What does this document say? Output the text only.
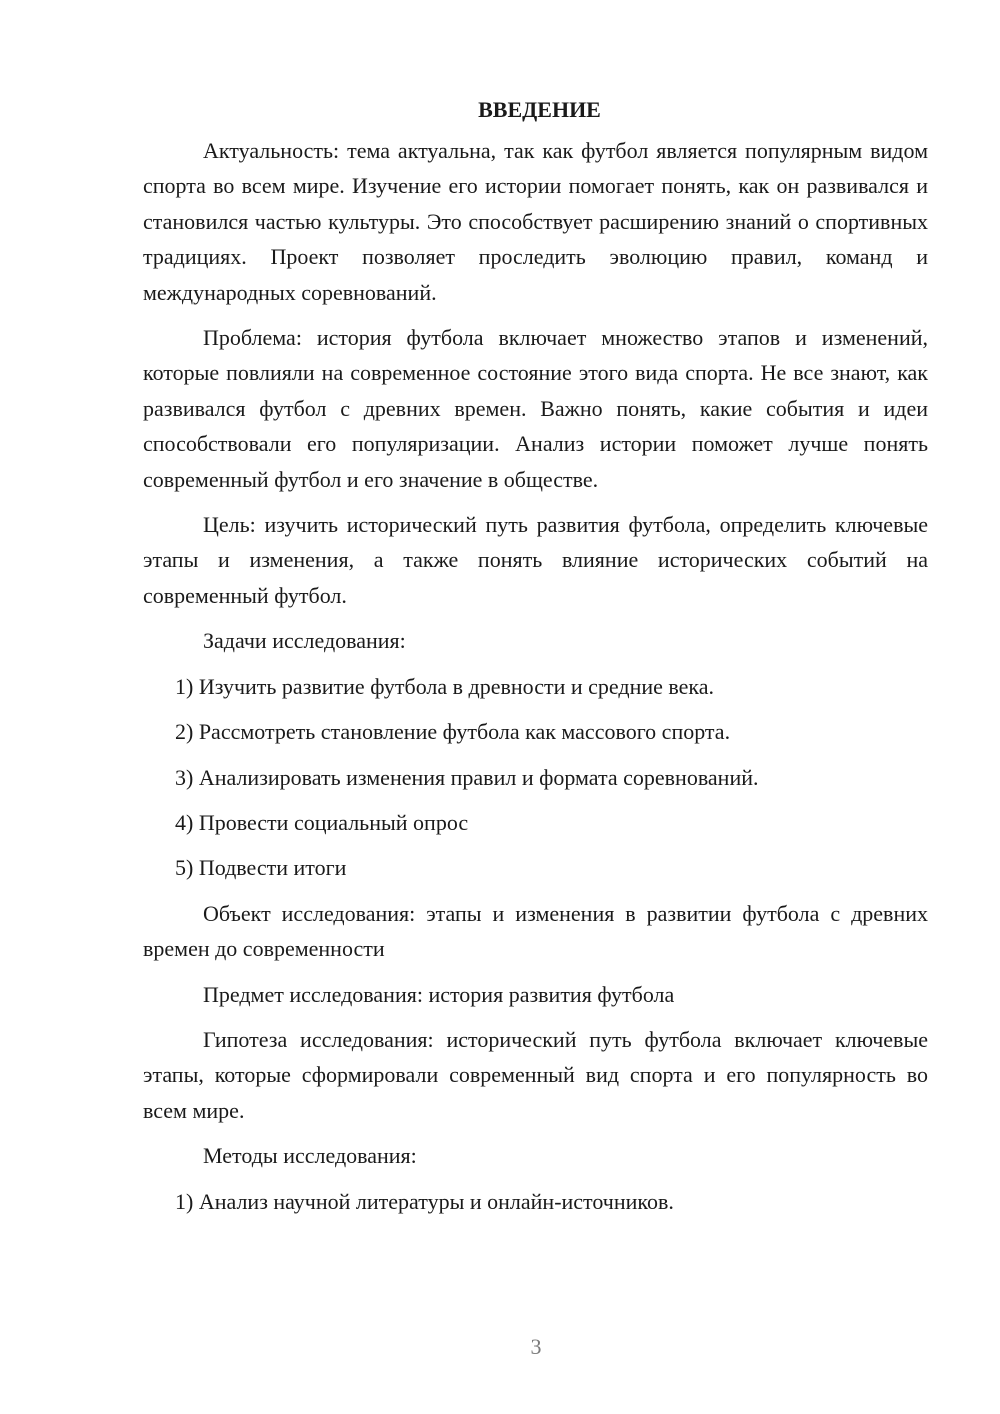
ВВЕДЕНИЕ

Актуальность: тема актуальна, так как футбол является популярным видом спорта во всем мире. Изучение его истории помогает понять, как он развивался и становился частью культуры. Это способствует расширению знаний о спортивных традициях. Проект позволяет проследить эволюцию правил, команд и международных соревнований.

Проблема: история футбола включает множество этапов и изменений, которые повлияли на современное состояние этого вида спорта. Не все знают, как развивался футбол с древних времен. Важно понять, какие события и идеи способствовали его популяризации. Анализ истории поможет лучше понять современный футбол и его значение в обществе.

Цель: изучить исторический путь развития футбола, определить ключевые этапы и изменения, а также понять влияние исторических событий на современный футбол.

Задачи исследования:

1) Изучить развитие футбола в древности и средние века.

2) Рассмотреть становление футбола как массового спорта.

3) Анализировать изменения правил и формата соревнований.

4) Провести социальный опрос

5) Подвести итоги

Объект исследования: этапы и изменения в развитии футбола с древних времен до современности

Предмет исследования: история развития футбола

Гипотеза исследования: исторический путь футбола включает ключевые этапы, которые сформировали современный вид спорта и его популярность во всем мире.

Методы исследования:

1) Анализ научной литературы и онлайн-источников.

3
